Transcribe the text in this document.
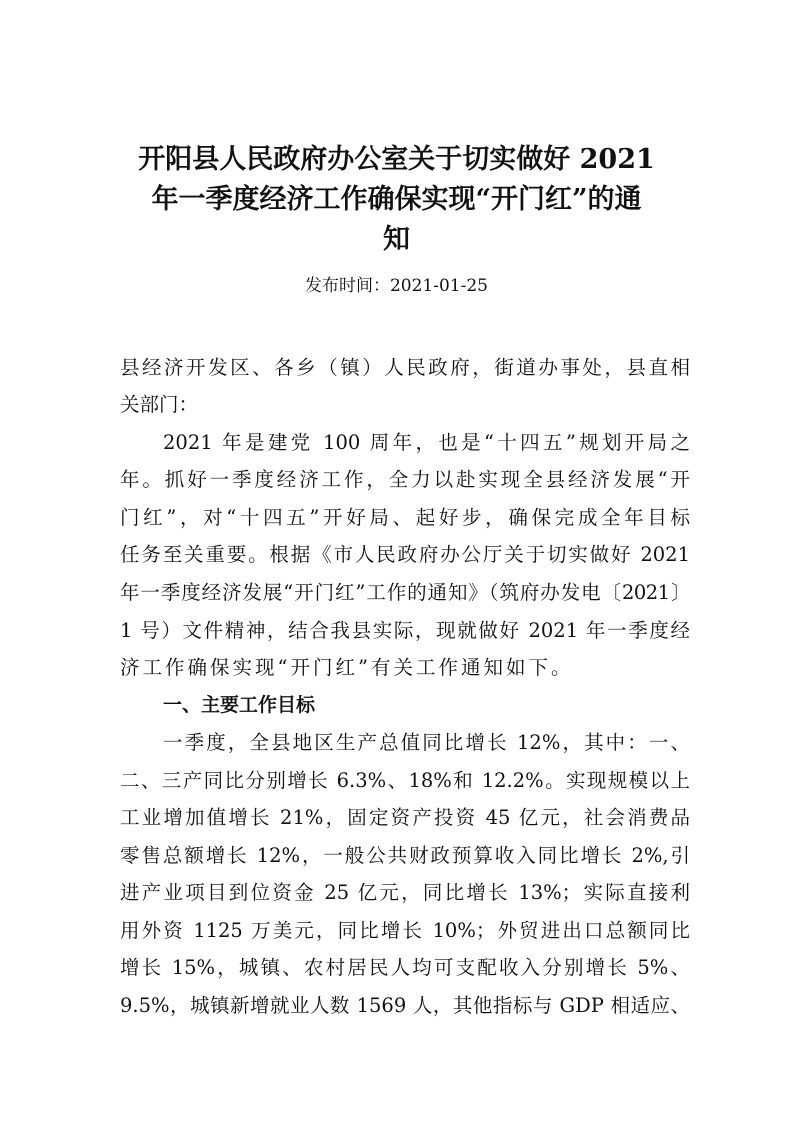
开阳县人民政府办公室关于切实做好 2021
年一季度经济工作确保实现“开门红”的通
知
发布时间：2021-01-25
县经济开发区、各乡（镇）人民政府，街道办事处，县直相
关部门：
2021 年是建党 100 周年，也是“十四五”规划开局之
年。抓好一季度经济工作，全力以赴实现全县经济发展“开
门红”，对“十四五”开好局、起好步，确保完成全年目标
任务至关重要。根据《市人民政府办公厅关于切实做好 2021
年一季度经济发展“开门红”工作的通知》（筑府办发电〔2021〕
1 号）文件精神，结合我县实际，现就做好 2021 年一季度经
济工作确保实现“开门红”有关工作通知如下。
一、主要工作目标
一季度，全县地区生产总值同比增长 12%，其中：一、
二、三产同比分别增长 6.3%、18%和 12.2%。实现规模以上
工业增加值增长 21%，固定资产投资 45 亿元，社会消费品
零售总额增长 12%，一般公共财政预算收入同比增长 2%,引
进产业项目到位资金 25 亿元，同比增长 13%；实际直接利
用外资 1125 万美元，同比增长 10%；外贸进出口总额同比
增长 15%，城镇、农村居民人均可支配收入分别增长 5%、
9.5%，城镇新增就业人数 1569 人，其他指标与 GDP 相适应、
